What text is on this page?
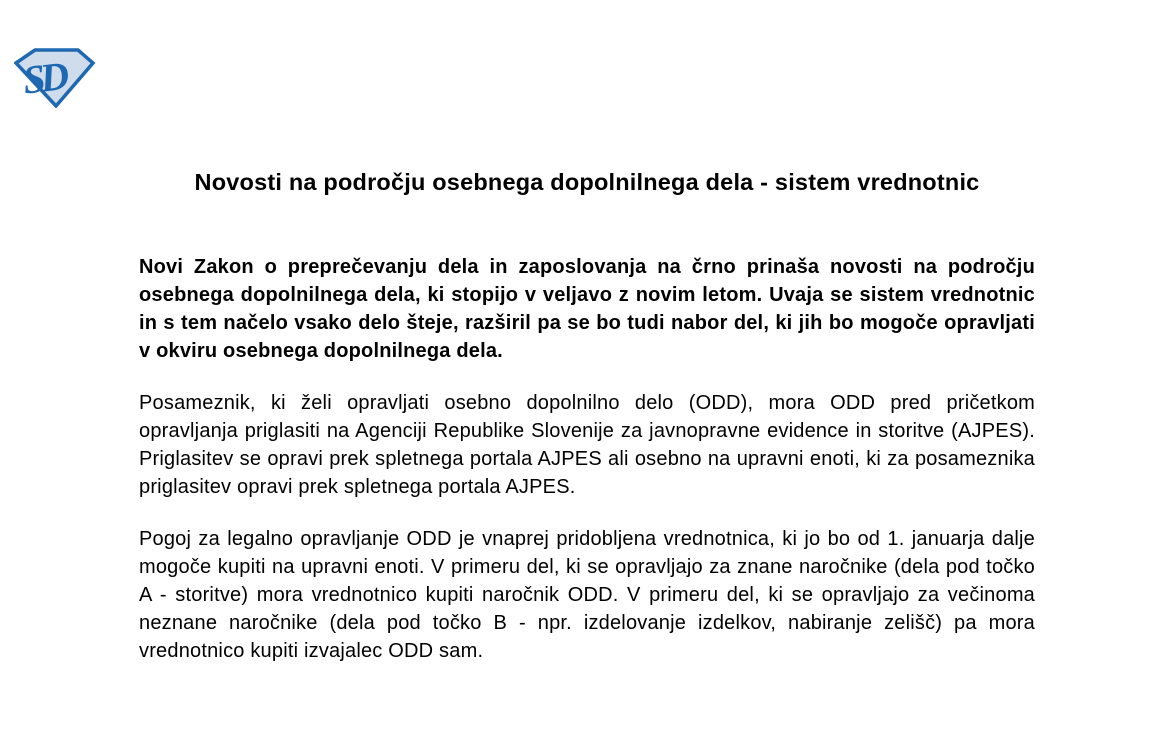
SD
Novosti na področju osebnega dopolnilnega dela - sistem vrednotnic

Novi Zakon o preprečevanju dela in zaposlovanja na črno prinaša novosti na področju osebnega dopolnilnega dela, ki stopijo v veljavo z novim letom. Uvaja se sistem vrednotnic in s tem načelo vsako delo šteje, razširil pa se bo tudi nabor del, ki jih bo mogoče opravljati v okviru osebnega dopolnilnega dela.

Posameznik, ki želi opravljati osebno dopolnilno delo (ODD), mora ODD pred pričetkom opravljanja priglasiti na Agenciji Republike Slovenije za javnopravne evidence in storitve (AJPES). Priglasitev se opravi prek spletnega portala AJPES ali osebno na upravni enoti, ki za posameznika priglasitev opravi prek spletnega portala AJPES.

Pogoj za legalno opravljanje ODD je vnaprej pridobljena vrednotnica, ki jo bo od 1. januarja dalje mogoče kupiti na upravni enoti. V primeru del, ki se opravljajo za znane naročnike (dela pod točko A - storitve) mora vrednotnico kupiti naročnik ODD. V primeru del, ki se opravljajo za večinoma neznane naročnike (dela pod točko B - npr. izdelovanje izdelkov, nabiranje zelišč) pa mora vrednotnico kupiti izvajalec ODD sam.
